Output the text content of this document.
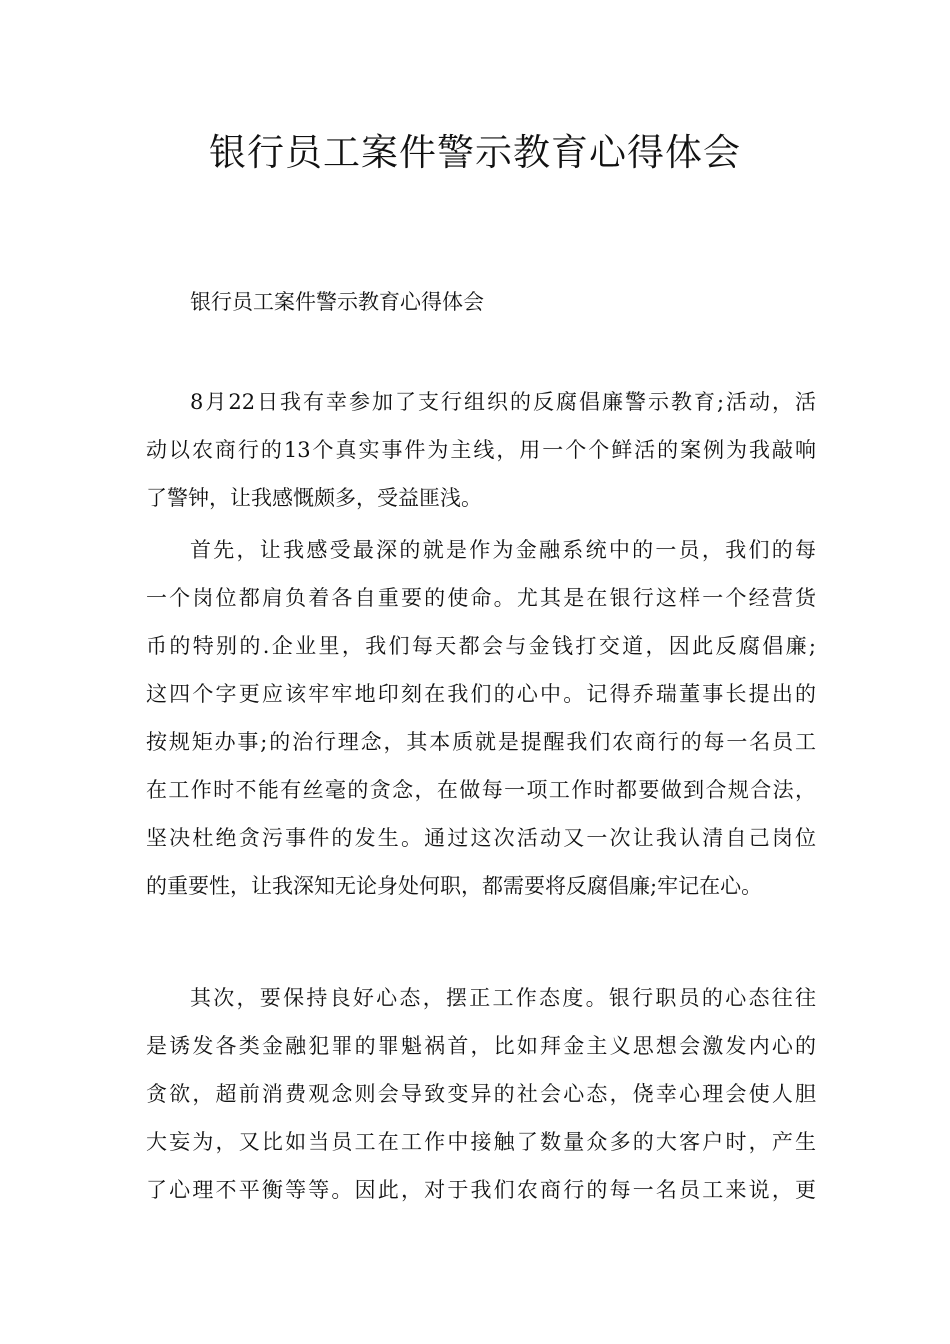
银行员工案件警示教育心得体会
银行员工案件警示教育心得体会
8月22日我有幸参加了支行组织的反腐倡廉警示教育;活动，活
动以农商行的13个真实事件为主线，用一个个鲜活的案例为我敲响
了警钟，让我感慨颇多，受益匪浅。
首先，让我感受最深的就是作为金融系统中的一员，我们的每
一个岗位都肩负着各自重要的使命。尤其是在银行这样一个经营货
币的特别的.企业里，我们每天都会与金钱打交道，因此反腐倡廉;
这四个字更应该牢牢地印刻在我们的心中。记得乔瑞董事长提出的
按规矩办事;的治行理念，其本质就是提醒我们农商行的每一名员工
在工作时不能有丝毫的贪念，在做每一项工作时都要做到合规合法，
坚决杜绝贪污事件的发生。通过这次活动又一次让我认清自己岗位
的重要性，让我深知无论身处何职，都需要将反腐倡廉;牢记在心。
其次，要保持良好心态，摆正工作态度。银行职员的心态往往
是诱发各类金融犯罪的罪魁祸首，比如拜金主义思想会激发内心的
贪欲，超前消费观念则会导致变异的社会心态，侥幸心理会使人胆
大妄为，又比如当员工在工作中接触了数量众多的大客户时，产生
了心理不平衡等等。因此，对于我们农商行的每一名员工来说，更
